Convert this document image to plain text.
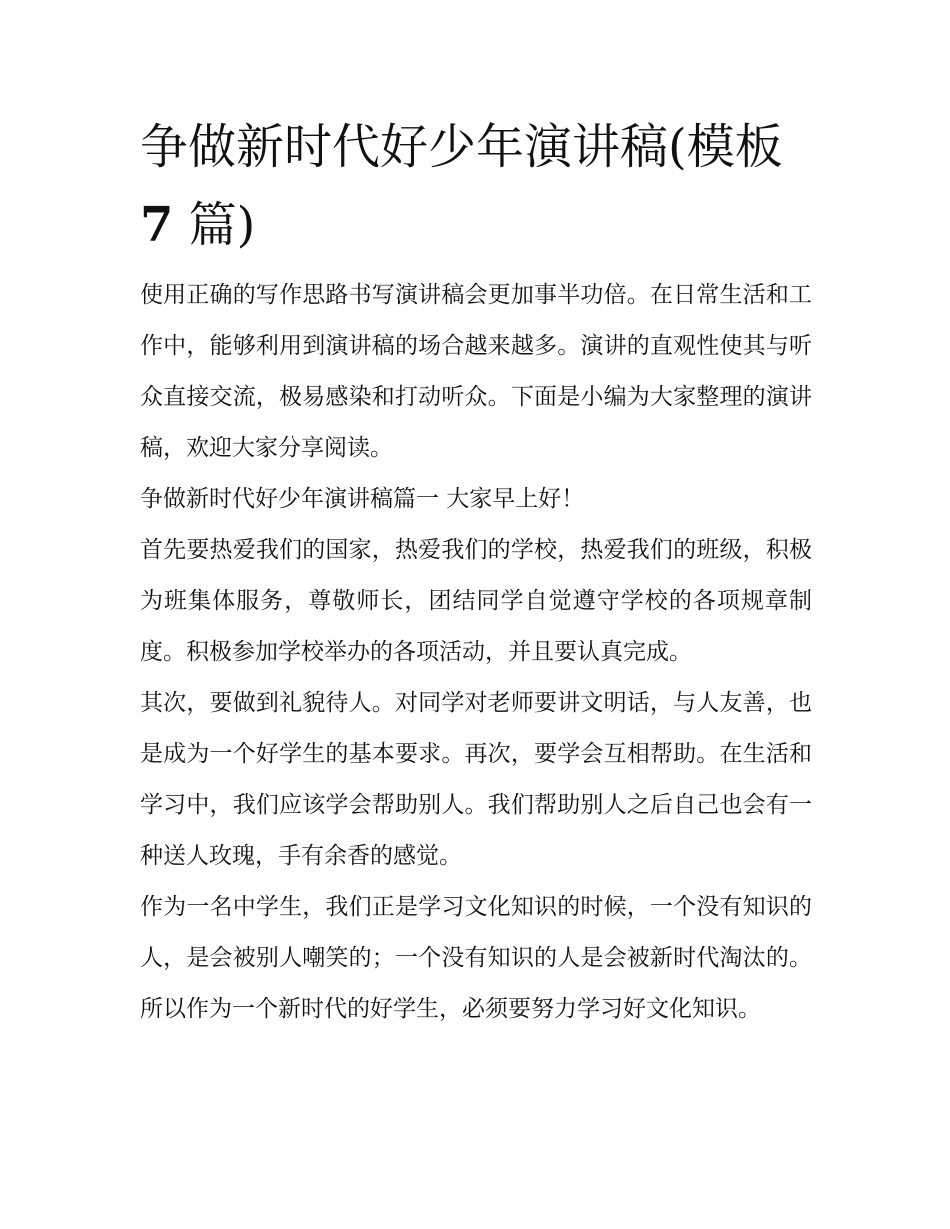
争做新时代好少年演讲稿(模板
7 篇)

使用正确的写作思路书写演讲稿会更加事半功倍。在日常生活和工作中，能够利用到演讲稿的场合越来越多。演讲的直观性使其与听众直接交流，极易感染和打动听众。下面是小编为大家整理的演讲稿，欢迎大家分享阅读。

争做新时代好少年演讲稿篇一 大家早上好！

首先要热爱我们的国家，热爱我们的学校，热爱我们的班级，积极为班集体服务，尊敬师长，团结同学自觉遵守学校的各项规章制度。积极参加学校举办的各项活动，并且要认真完成。

其次，要做到礼貌待人。对同学对老师要讲文明话，与人友善，也是成为一个好学生的基本要求。再次，要学会互相帮助。在生活和学习中，我们应该学会帮助别人。我们帮助别人之后自己也会有一种送人玫瑰，手有余香的感觉。

作为一名中学生，我们正是学习文化知识的时候，一个没有知识的人，是会被别人嘲笑的；一个没有知识的人是会被新时代淘汰的。所以作为一个新时代的好学生，必须要努力学习好文化知识。
